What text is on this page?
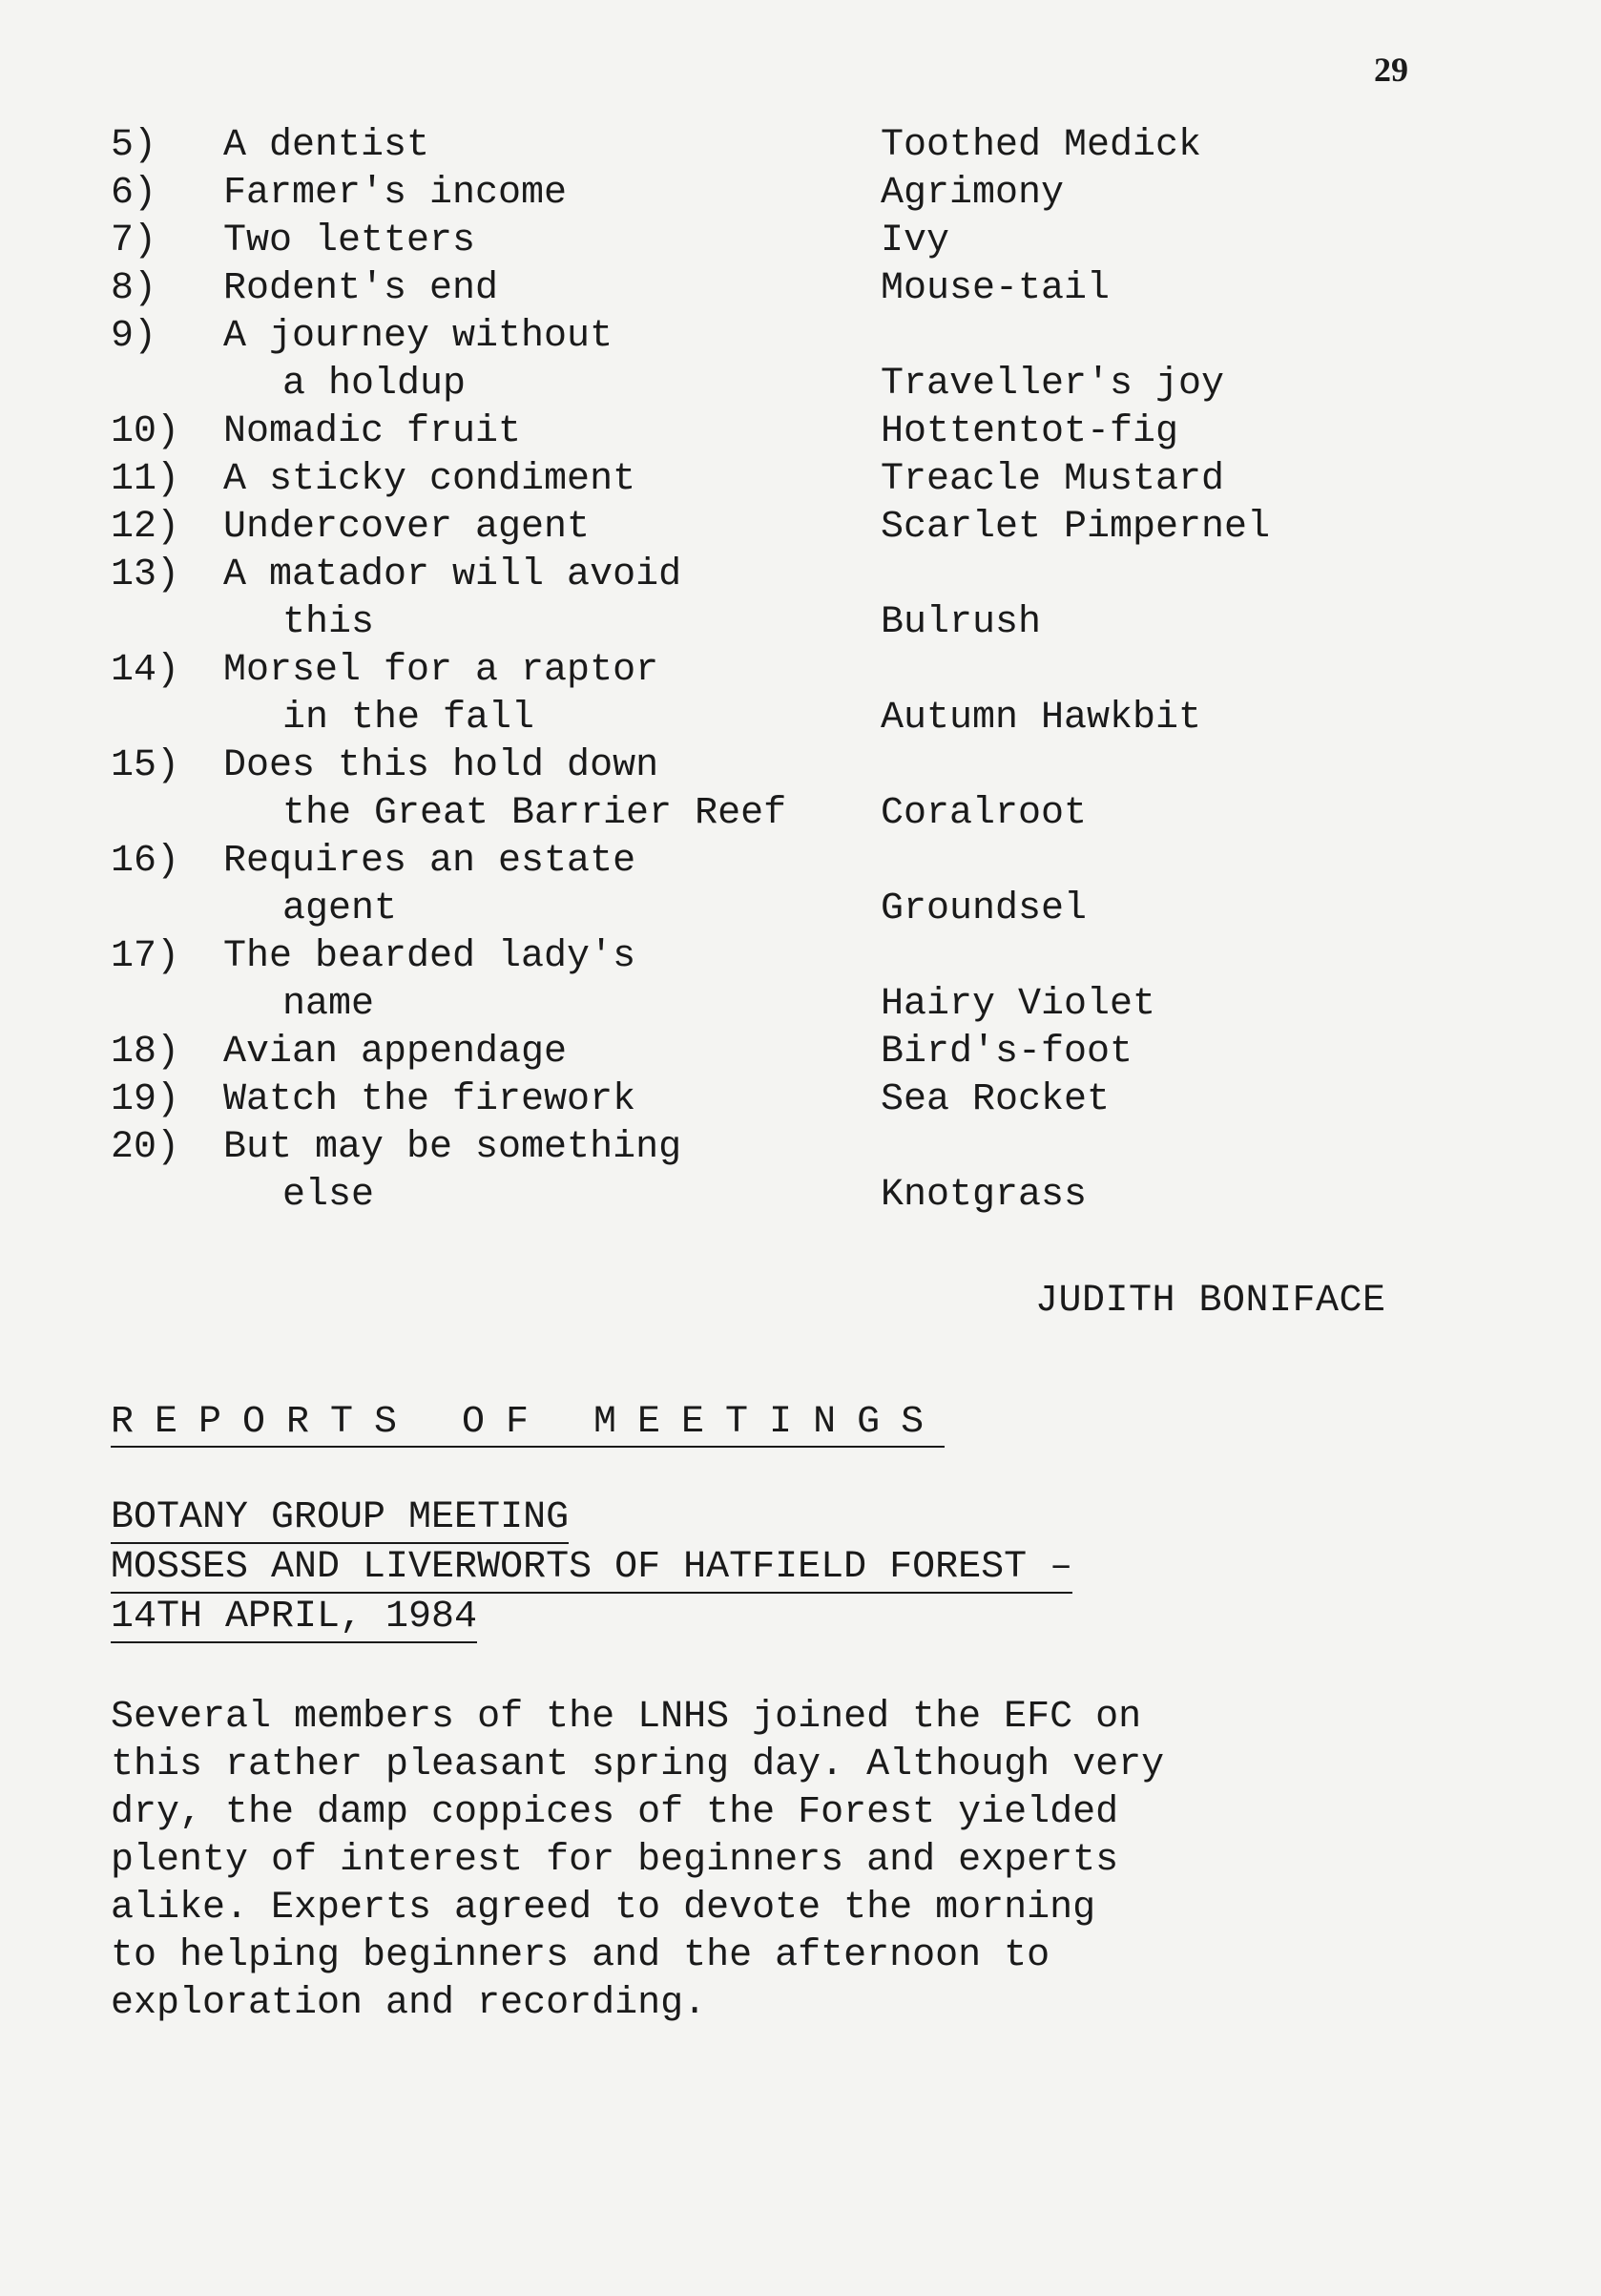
29
5)	A dentist	Toothed Medick
6)	Farmer's income	Agrimony
7)	Two letters	Ivy
8)	Rodent's end	Mouse-tail
9)	A journey without
a holdup	Traveller's joy
10)	Nomadic fruit	Hottentot-fig
11)	A sticky condiment	Treacle Mustard
12)	Undercover agent	Scarlet Pimpernel
13)	A matador will avoid
this	Bulrush
14)	Morsel for a raptor
in the fall	Autumn Hawkbit
15)	Does this hold down
the Great Barrier Reef	Coralroot
16)	Requires an estate
agent	Groundsel
17)	The bearded lady's
name	Hairy Violet
18)	Avian appendage	Bird's-foot
19)	Watch the firework	Sea Rocket
20)	But may be something
else	Knotgrass
JUDITH BONIFACE
REPORTS OF MEETINGS
BOTANY GROUP MEETING
MOSSES AND LIVERWORTS OF HATFIELD FOREST –
14TH APRIL, 1984

Several members of the LNHS joined the EFC on
this rather pleasant spring day. Although very
dry, the damp coppices of the Forest yielded
plenty of interest for beginners and experts
alike. Experts agreed to devote the morning
to helping beginners and the afternoon to
exploration and recording.
